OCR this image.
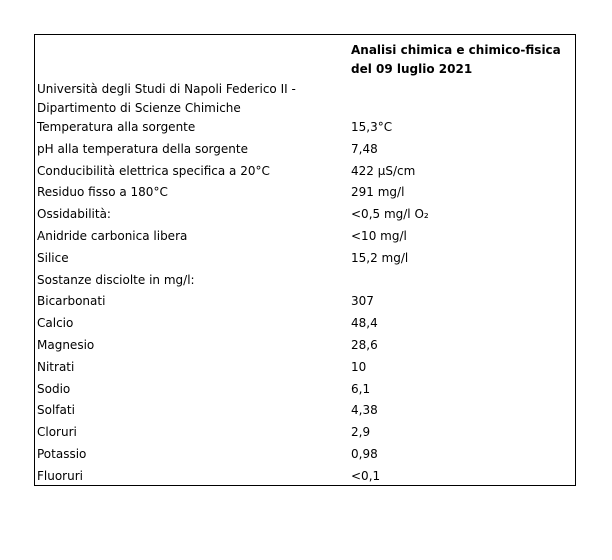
Analisi chimica e chimico-fisica
del 09 luglio 2021
Università degli Studi di Napoli Federico II -
Dipartimento di Scienze Chimiche
Temperatura alla sorgente	15,3°C
pH alla temperatura della sorgente	7,48
Conducibilità elettrica specifica a 20°C	422 µS/cm
Residuo fisso a 180°C	291 mg/l
Ossidabilità:	<0,5 mg/l O₂
Anidride carbonica libera	<10 mg/l
Silice	15,2 mg/l
Sostanze disciolte in mg/l:
Bicarbonati	307
Calcio	48,4
Magnesio	28,6
Nitrati	10
Sodio	6,1
Solfati	4,38
Cloruri	2,9
Potassio	0,98
Fluoruri	<0,1
